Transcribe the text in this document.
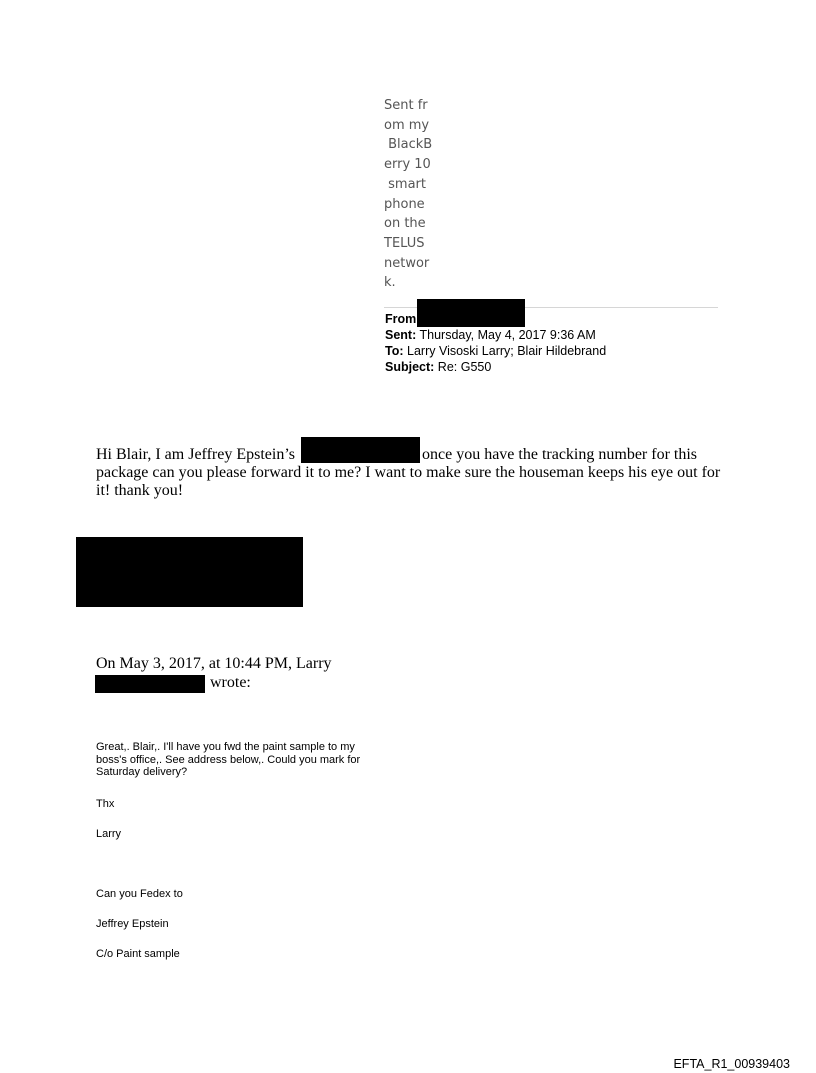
Sent fr
om my
BlackB
erry 10
smart
phone
on the
TELUS
networ
k.
From
Sent: Thursday, May 4, 2017 9:36 AM
To: Larry Visoski Larry; Blair Hildebrand
Subject: Re: G550
Hi Blair, I am Jeffrey Epstein’s	once you have the tracking number for this
package can you please forward it to me? I want to make sure the houseman keeps his eye out for
it! thank you!
On May 3, 2017, at 10:44 PM, Larry
wrote:
Great,. Blair,. I'll have you fwd the paint sample to my
boss's office,. See address below,. Could you mark for
Saturday delivery?
Thx
Larry
Can you Fedex to
Jeffrey Epstein
C/o Paint sample
EFTA_R1_00939403
